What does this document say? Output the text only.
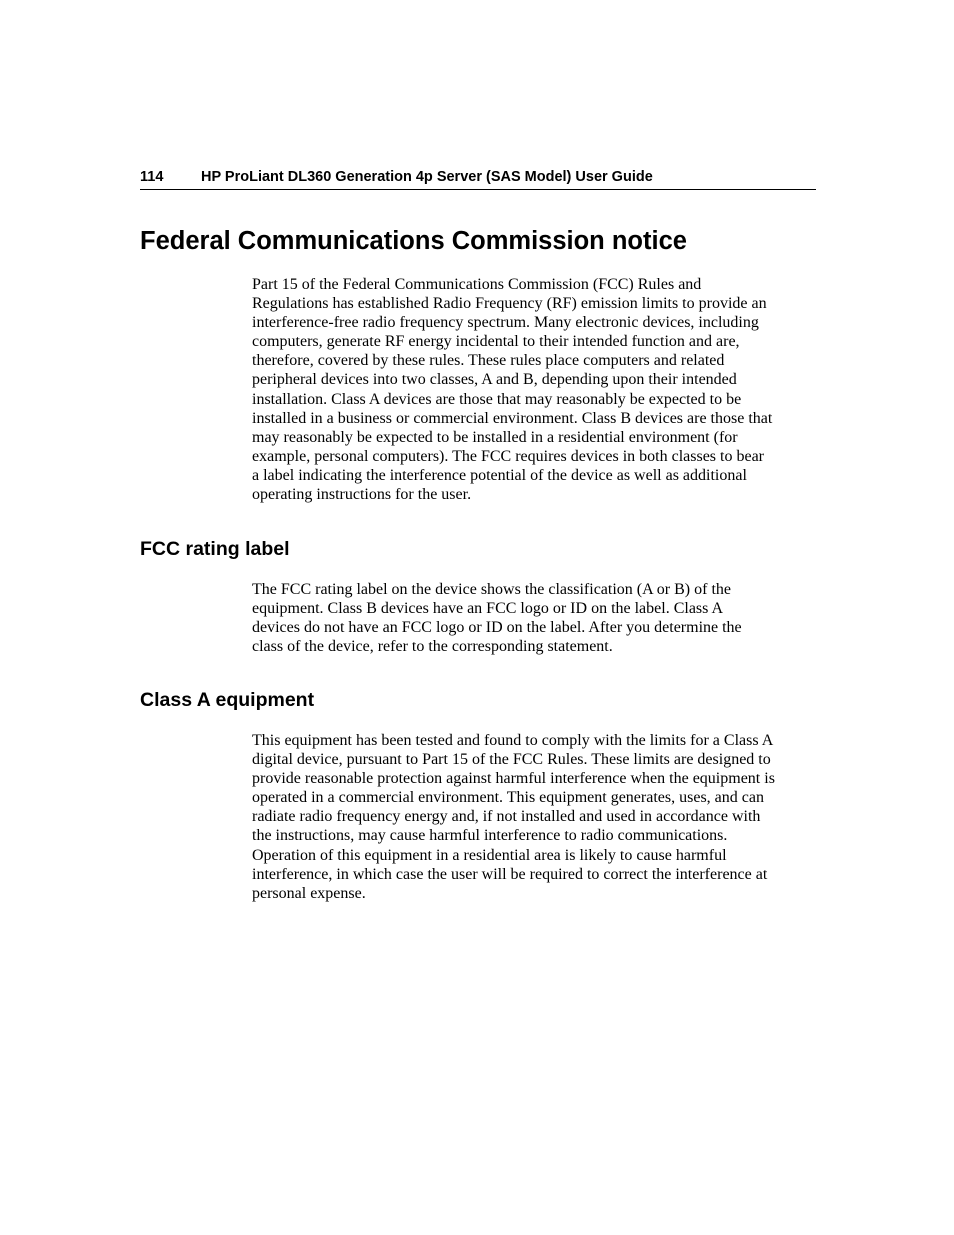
114	HP ProLiant DL360 Generation 4p Server (SAS Model) User Guide
Federal Communications Commission notice

Part 15 of the Federal Communications Commission (FCC) Rules and
Regulations has established Radio Frequency (RF) emission limits to provide an
interference-free radio frequency spectrum. Many electronic devices, including
computers, generate RF energy incidental to their intended function and are,
therefore, covered by these rules. These rules place computers and related
peripheral devices into two classes, A and B, depending upon their intended
installation. Class A devices are those that may reasonably be expected to be
installed in a business or commercial environment. Class B devices are those that
may reasonably be expected to be installed in a residential environment (for
example, personal computers). The FCC requires devices in both classes to bear
a label indicating the interference potential of the device as well as additional
operating instructions for the user.

FCC rating label

The FCC rating label on the device shows the classification (A or B) of the
equipment. Class B devices have an FCC logo or ID on the label. Class A
devices do not have an FCC logo or ID on the label. After you determine the
class of the device, refer to the corresponding statement.

Class A equipment

This equipment has been tested and found to comply with the limits for a Class A
digital device, pursuant to Part 15 of the FCC Rules. These limits are designed to
provide reasonable protection against harmful interference when the equipment is
operated in a commercial environment. This equipment generates, uses, and can
radiate radio frequency energy and, if not installed and used in accordance with
the instructions, may cause harmful interference to radio communications.
Operation of this equipment in a residential area is likely to cause harmful
interference, in which case the user will be required to correct the interference at
personal expense.
